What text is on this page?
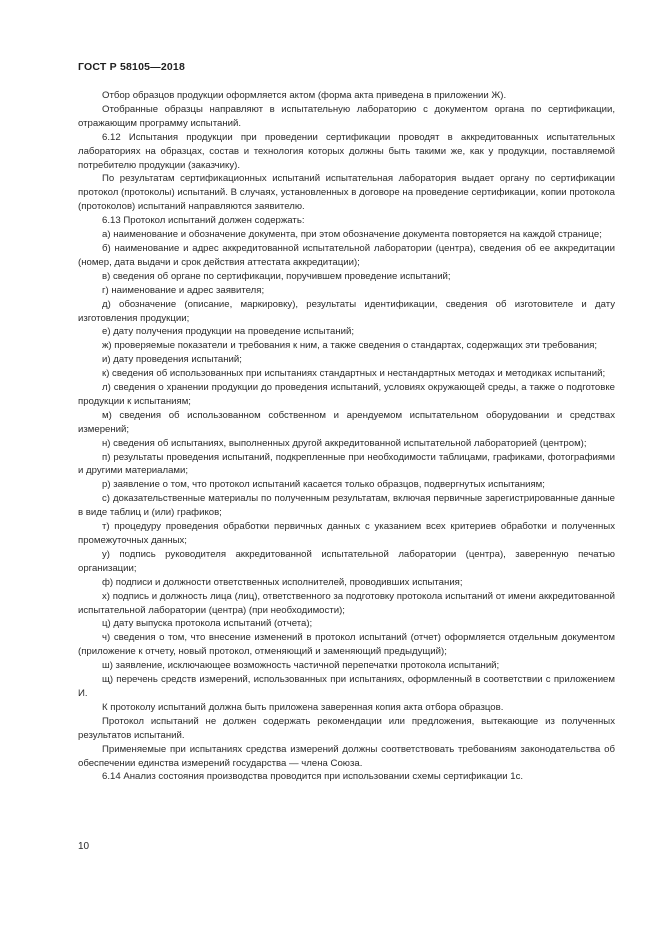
ГОСТ Р 58105—2018

Отбор образцов продукции оформляется актом (форма акта приведена в приложении Ж).

Отобранные образцы направляют в испытательную лабораторию с документом органа по сертификации, отражающим программу испытаний.

6.12 Испытания продукции при проведении сертификации проводят в аккредитованных испытательных лабораториях на образцах, состав и технология которых должны быть такими же, как у продукции, поставляемой потребителю продукции (заказчику).

По результатам сертификационных испытаний испытательная лаборатория выдает органу по сертификации протокол (протоколы) испытаний. В случаях, установленных в договоре на проведение сертификации, копии протокола (протоколов) испытаний направляются заявителю.

6.13 Протокол испытаний должен содержать:

а) наименование и обозначение документа, при этом обозначение документа повторяется на каждой странице;

б) наименование и адрес аккредитованной испытательной лаборатории (центра), сведения об ее аккредитации (номер, дата выдачи и срок действия аттестата аккредитации);

в) сведения об органе по сертификации, поручившем проведение испытаний;

г) наименование и адрес заявителя;

д) обозначение (описание, маркировку), результаты идентификации, сведения об изготовителе и дату изготовления продукции;

е) дату получения продукции на проведение испытаний;

ж) проверяемые показатели и требования к ним, а также сведения о стандартах, содержащих эти требования;

и) дату проведения испытаний;

к) сведения об использованных при испытаниях стандартных и нестандартных методах и методиках испытаний;

л) сведения о хранении продукции до проведения испытаний, условиях окружающей среды, а также о подготовке продукции к испытаниям;

м) сведения об использованном собственном и арендуемом испытательном оборудовании и средствах измерений;

н) сведения об испытаниях, выполненных другой аккредитованной испытательной лабораторией (центром);

п) результаты проведения испытаний, подкрепленные при необходимости таблицами, графиками, фотографиями и другими материалами;

р) заявление о том, что протокол испытаний касается только образцов, подвергнутых испытаниям;

с) доказательственные материалы по полученным результатам, включая первичные зарегистрированные данные в виде таблиц и (или) графиков;

т) процедуру проведения обработки первичных данных с указанием всех критериев обработки и полученных промежуточных данных;

у) подпись руководителя аккредитованной испытательной лаборатории (центра), заверенную печатью организации;

ф) подписи и должности ответственных исполнителей, проводивших испытания;

х) подпись и должность лица (лиц), ответственного за подготовку протокола испытаний от имени аккредитованной испытательной лаборатории (центра) (при необходимости);

ц) дату выпуска протокола испытаний (отчета);

ч) сведения о том, что внесение изменений в протокол испытаний (отчет) оформляется отдельным документом (приложение к отчету, новый протокол, отменяющий и заменяющий предыдущий);

ш) заявление, исключающее возможность частичной перепечатки протокола испытаний;

щ) перечень средств измерений, использованных при испытаниях, оформленный в соответствии с приложением И.

К протоколу испытаний должна быть приложена заверенная копия акта отбора образцов.

Протокол испытаний не должен содержать рекомендации или предложения, вытекающие из полученных результатов испытаний.

Применяемые при испытаниях средства измерений должны соответствовать требованиям законодательства об обеспечении единства измерений государства — члена Союза.

6.14 Анализ состояния производства проводится при использовании схемы сертификации 1с.

10
